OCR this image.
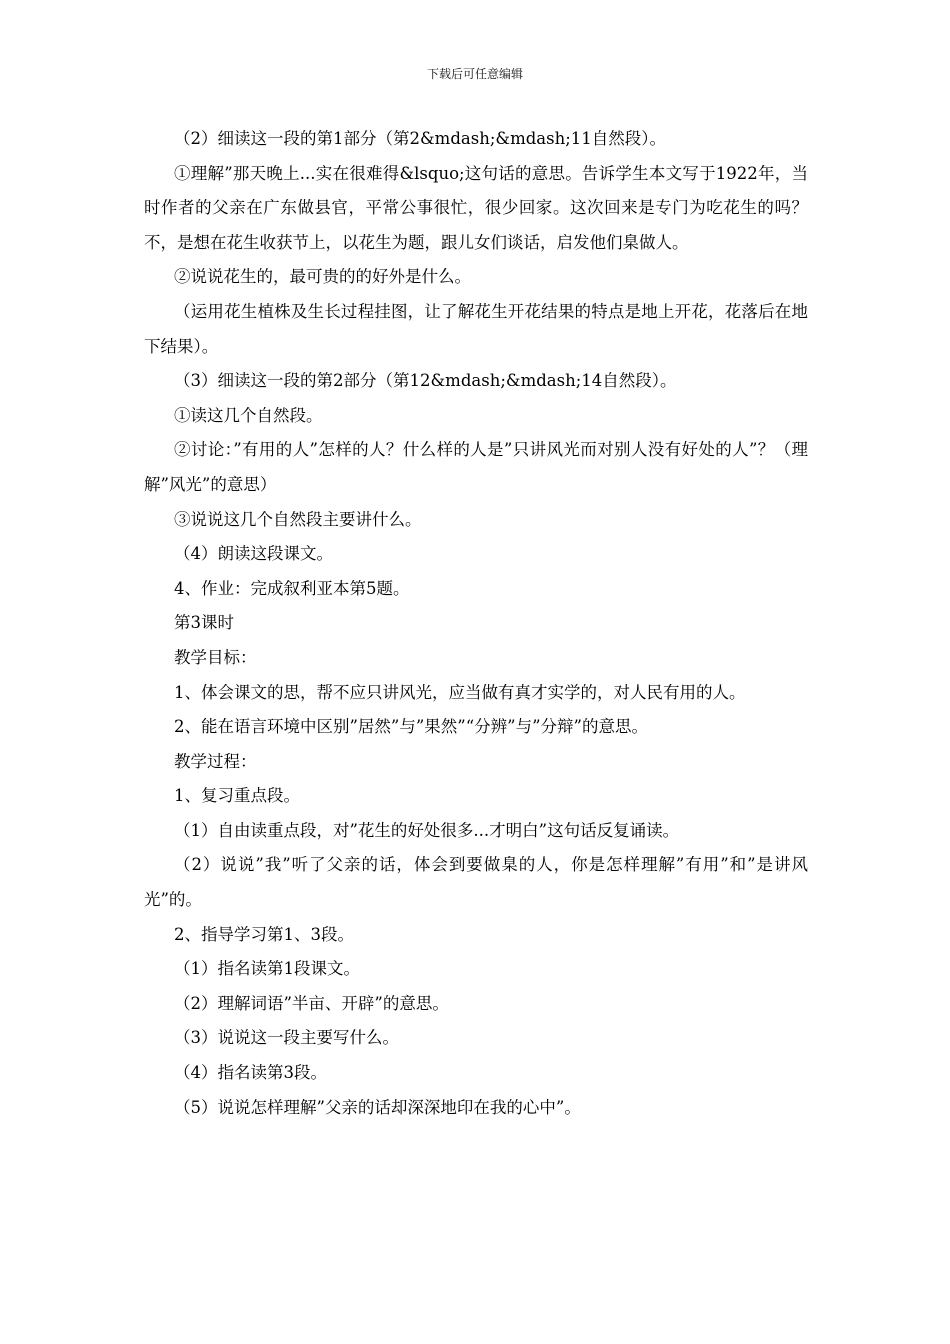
下载后可任意编辑

（2）细读这一段的第1部分（第2&mdash;&mdash;11自然段）。

①理解”那天晚上...实在很难得&lsquo;这句话的意思。告诉学生本文写于1922年，当时作者的父亲在广东做县官，平常公事很忙，很少回家。这次回来是专门为吃花生的吗？不，是想在花生收获节上，以花生为题，跟儿女们谈话，启发他们臬做人。

②说说花生的，最可贵的的好外是什么。

（运用花生植株及生长过程挂图，让了解花生开花结果的特点是地上开花，花落后在地下结果）。

（3）细读这一段的第2部分（第12&mdash;&mdash;14自然段）。

①读这几个自然段。

②讨论：”有用的人”怎样的人？什么样的人是”只讲风光而对别人没有好处的人”？（理解”风光”的意思）

③说说这几个自然段主要讲什么。

（4）朗读这段课文。

4、作业：完成叙利亚本第5题。

第3课时

教学目标：

1、体会课文的思，帮不应只讲风光，应当做有真才实学的，对人民有用的人。

2、能在语言环境中区别”居然”与”果然”“分辨”与”分辩”的意思。

教学过程：

1、复习重点段。

（1）自由读重点段，对”花生的好处很多...才明白”这句话反复诵读。

（2）说说”我”听了父亲的话，体会到要做臬的人，你是怎样理解”有用”和”是讲风光”的。

2、指导学习第1、3段。

（1）指名读第1段课文。

（2）理解词语”半亩、开辟”的意思。

（3）说说这一段主要写什么。

（4）指名读第3段。

（5）说说怎样理解”父亲的话却深深地印在我的心中”。
